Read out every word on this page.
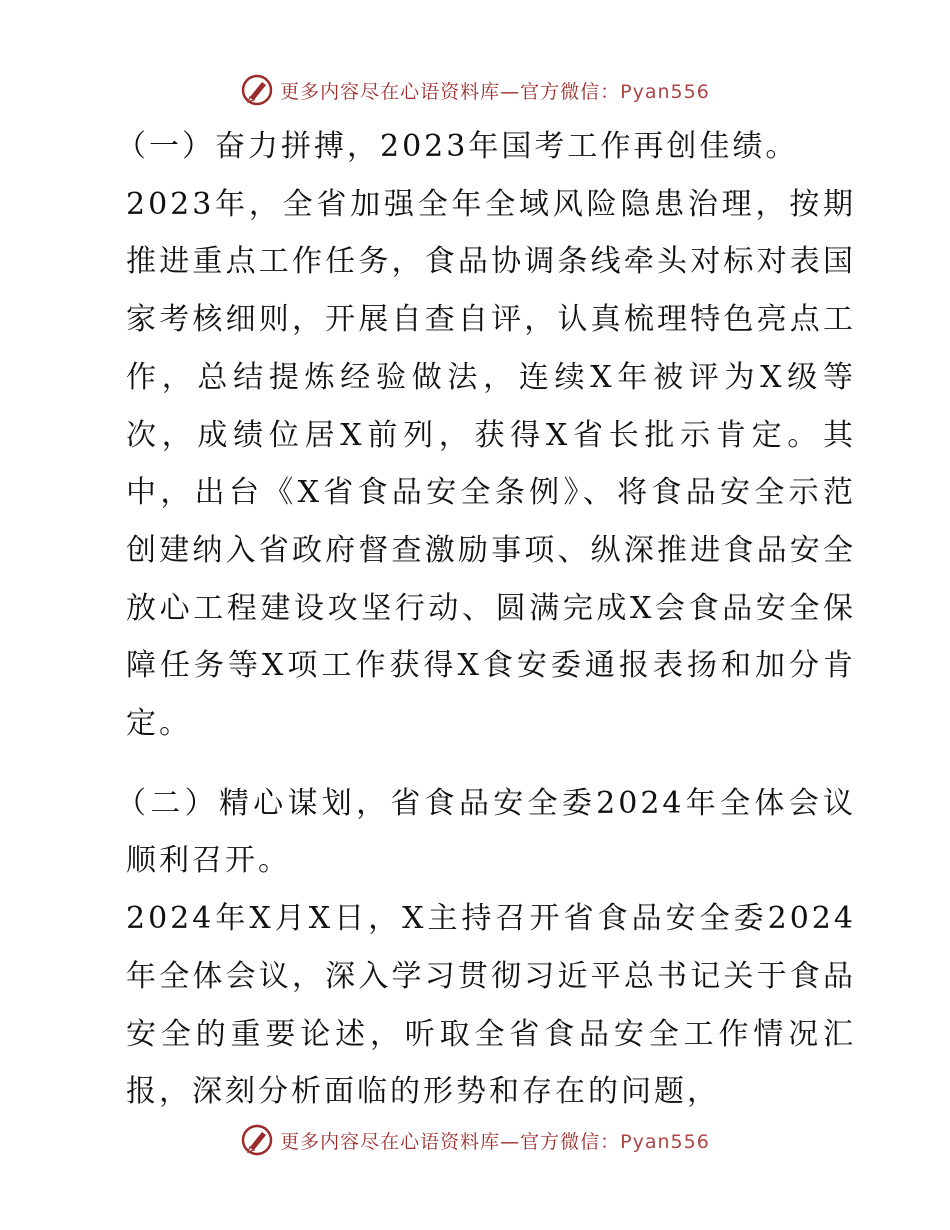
更多内容尽在心语资料库—官方微信：Pyan556

（一）奋力拼搏，2023年国考工作再创佳绩。

2023年，全省加强全年全域风险隐患治理，按期推进重点工作任务，食品协调条线牵头对标对表国家考核细则，开展自查自评，认真梳理特色亮点工作，总结提炼经验做法，连续X年被评为X级等次，成绩位居X前列，获得X省长批示肯定。其中，出台《X省食品安全条例》、将食品安全示范创建纳入省政府督查激励事项、纵深推进食品安全放心工程建设攻坚行动、圆满完成X会食品安全保障任务等X项工作获得X食安委通报表扬和加分肯定。

（二）精心谋划，省食品安全委2024年全体会议顺利召开。

2024年X月X日，X主持召开省食品安全委2024年全体会议，深入学习贯彻习近平总书记关于食品安全的重要论述，听取全省食品安全工作情况汇报，深刻分析面临的形势和存在的问题，

更多内容尽在心语资料库—官方微信：Pyan556
